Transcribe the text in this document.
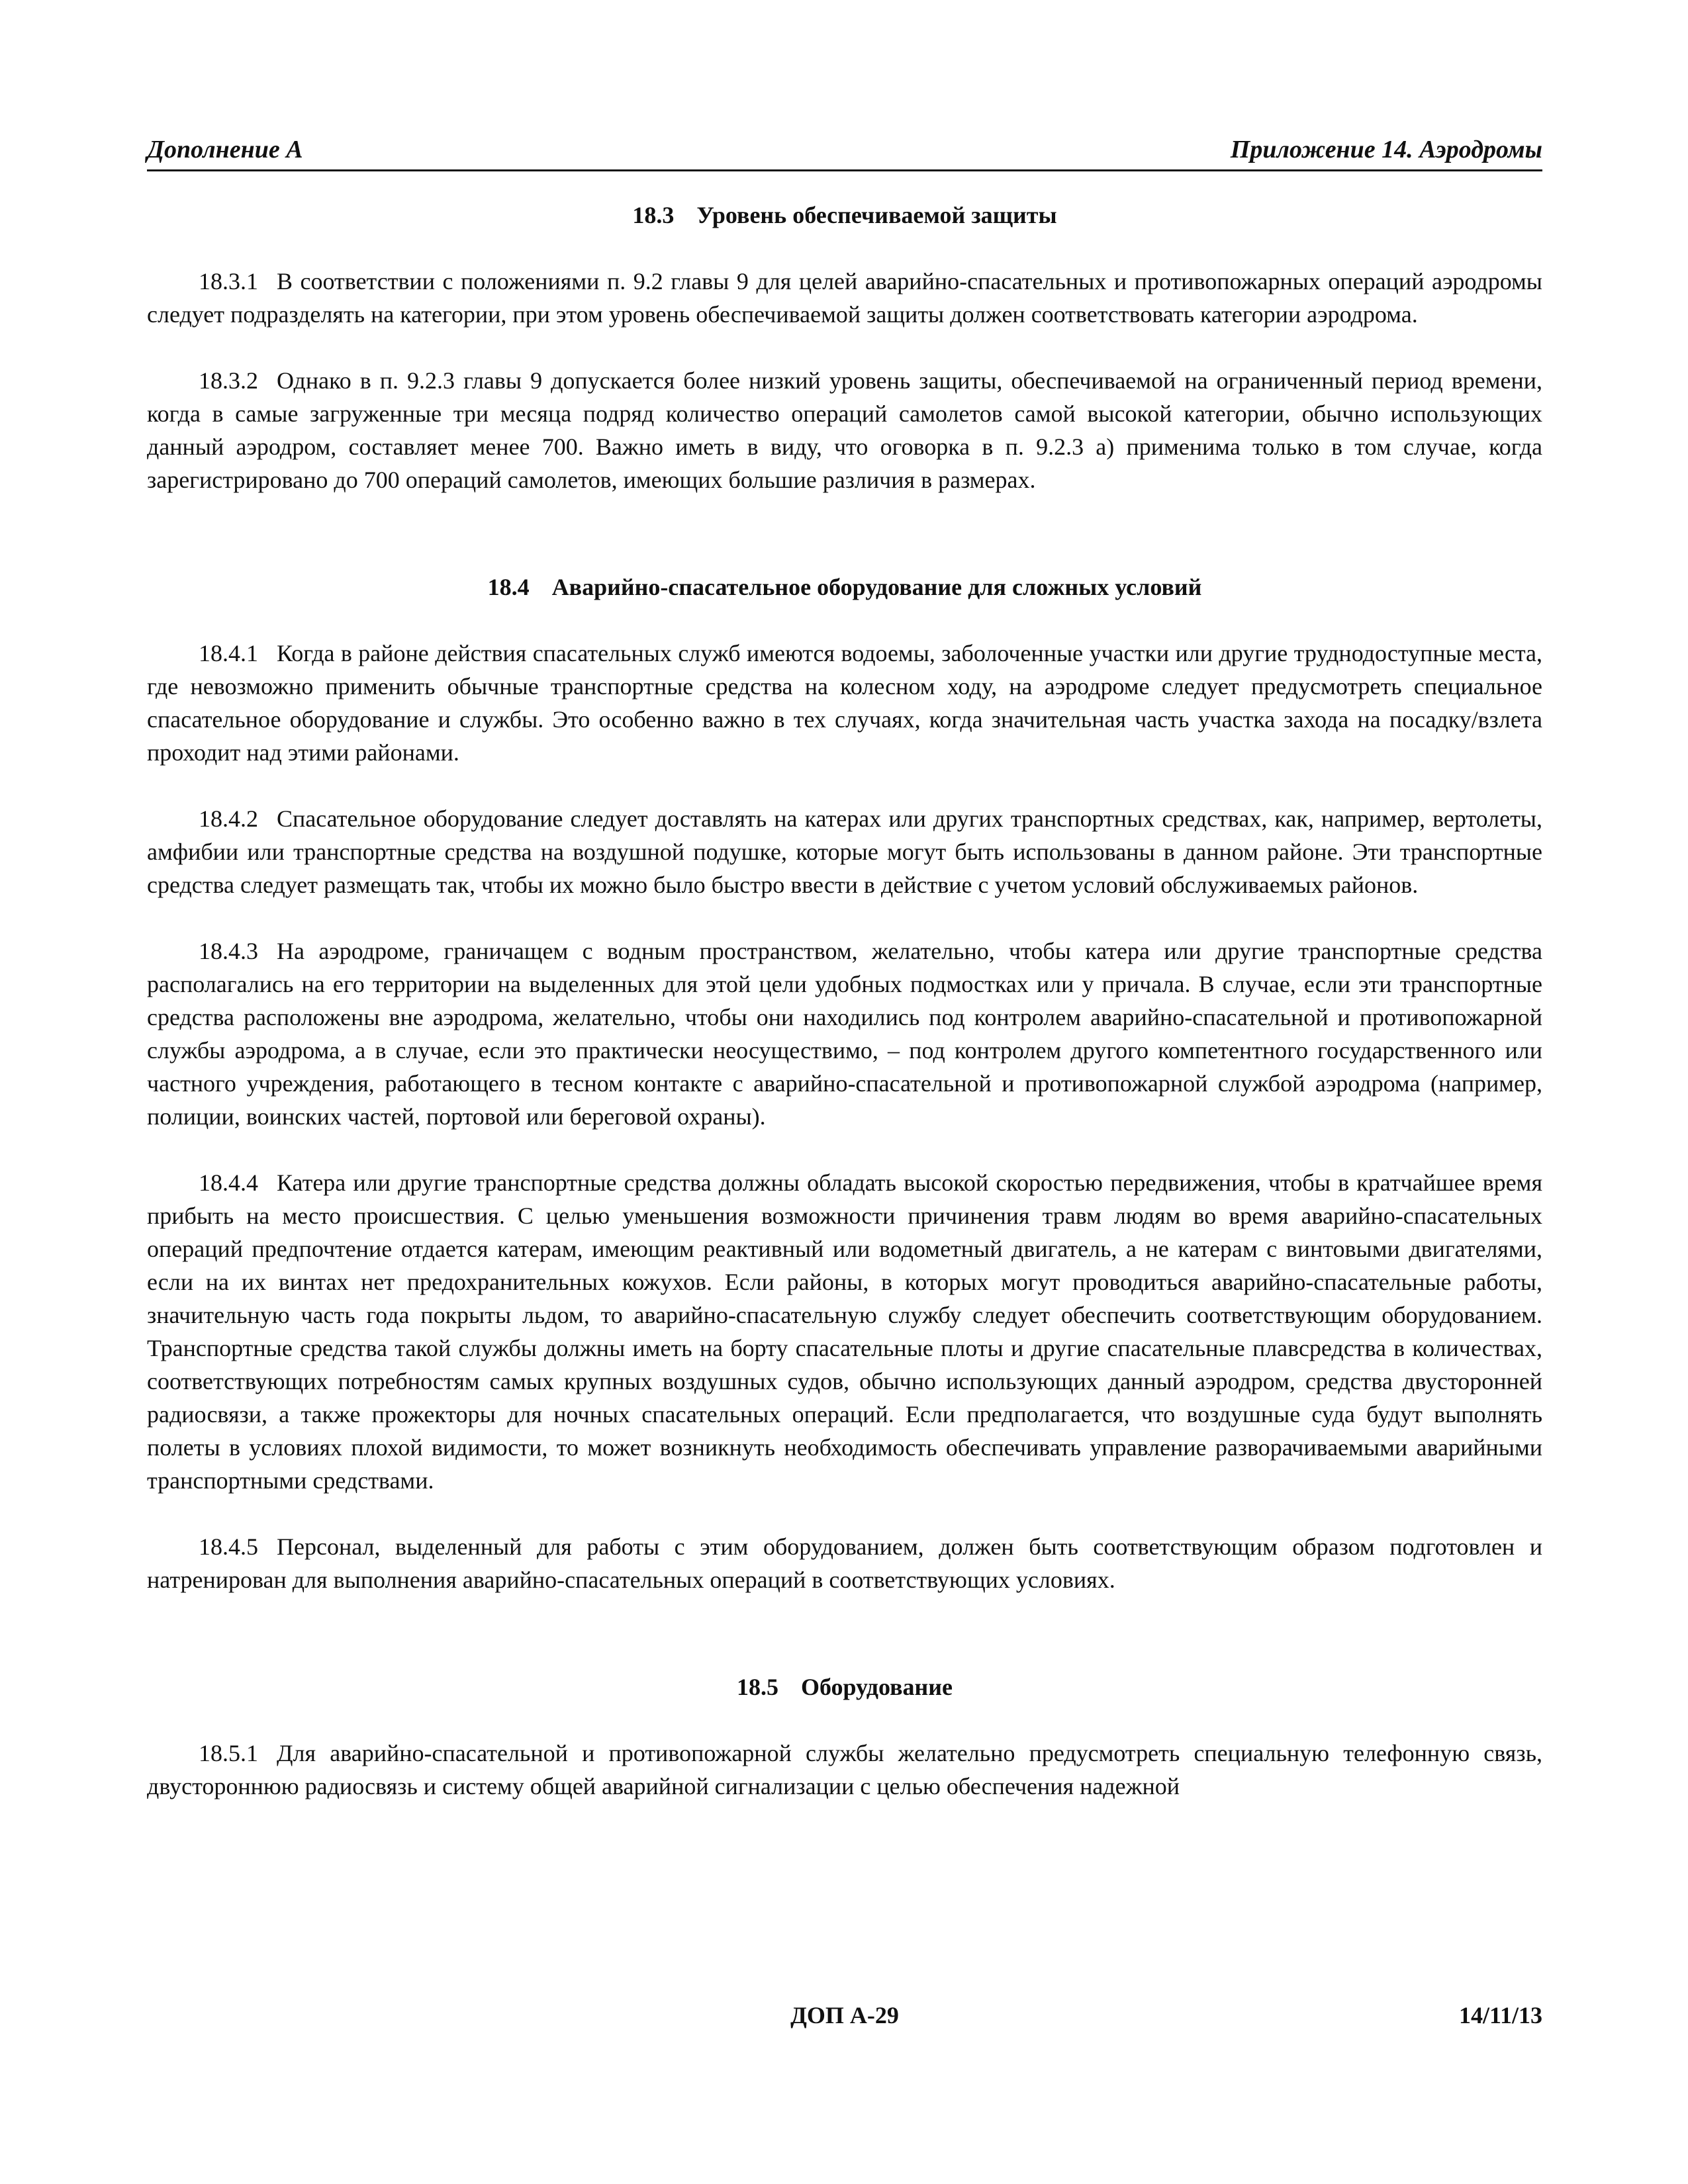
Дополнение А	Приложение 14. Аэродромы
18.3 Уровень обеспечиваемой защиты

18.3.1 В соответствии с положениями п. 9.2 главы 9 для целей аварийно-спасательных и противопожарных операций аэродромы следует подразделять на категории, при этом уровень обеспечиваемой защиты должен соответствовать категории аэродрома.

18.3.2 Однако в п. 9.2.3 главы 9 допускается более низкий уровень защиты, обеспечиваемой на ограниченный период времени, когда в самые загруженные три месяца подряд количество операций самолетов самой высокой категории, обычно использующих данный аэродром, составляет менее 700. Важно иметь в виду, что оговорка в п. 9.2.3 а) применима только в том случае, когда зарегистрировано до 700 операций самолетов, имеющих большие различия в размерах.

18.4 Аварийно-спасательное оборудование для сложных условий

18.4.1 Когда в районе действия спасательных служб имеются водоемы, заболоченные участки или другие труднодоступные места, где невозможно применить обычные транспортные средства на колесном ходу, на аэродроме следует предусмотреть специальное спасательное оборудование и службы. Это особенно важно в тех случаях, когда значительная часть участка захода на посадку/взлета проходит над этими районами.

18.4.2 Спасательное оборудование следует доставлять на катерах или других транспортных средствах, как, например, вертолеты, амфибии или транспортные средства на воздушной подушке, которые могут быть использованы в данном районе. Эти транспортные средства следует размещать так, чтобы их можно было быстро ввести в действие с учетом условий обслуживаемых районов.

18.4.3 На аэродроме, граничащем с водным пространством, желательно, чтобы катера или другие транспортные средства располагались на его территории на выделенных для этой цели удобных подмостках или у причала. В случае, если эти транспортные средства расположены вне аэродрома, желательно, чтобы они находились под контролем аварийно-спасательной и противопожарной службы аэродрома, а в случае, если это практически неосуществимо, – под контролем другого компетентного государственного или частного учреждения, работающего в тесном контакте с аварийно-спасательной и противопожарной службой аэродрома (например, полиции, воинских частей, портовой или береговой охраны).

18.4.4 Катера или другие транспортные средства должны обладать высокой скоростью передвижения, чтобы в кратчайшее время прибыть на место происшествия. С целью уменьшения возможности причинения травм людям во время аварийно-спасательных операций предпочтение отдается катерам, имеющим реактивный или водометный двигатель, а не катерам с винтовыми двигателями, если на их винтах нет предохранительных кожухов. Если районы, в которых могут проводиться аварийно-спасательные работы, значительную часть года покрыты льдом, то аварийно-спасательную службу следует обеспечить соответствующим оборудованием. Транспортные средства такой службы должны иметь на борту спасательные плоты и другие спасательные плавсредства в количествах, соответствующих потребностям самых крупных воздушных судов, обычно использующих данный аэродром, средства двусторонней радиосвязи, а также прожекторы для ночных спасательных операций. Если предполагается, что воздушные суда будут выполнять полеты в условиях плохой видимости, то может возникнуть необходимость обеспечивать управление разворачиваемыми аварийными транспортными средствами.

18.4.5 Персонал, выделенный для работы с этим оборудованием, должен быть соответствующим образом подготовлен и натренирован для выполнения аварийно-спасательных операций в соответствующих условиях.

18.5 Оборудование

18.5.1 Для аварийно-спасательной и противопожарной службы желательно предусмотреть специальную телефонную связь, двустороннюю радиосвязь и систему общей аварийной сигнализации с целью обеспечения надежной

ДОП А-29	14/11/13
